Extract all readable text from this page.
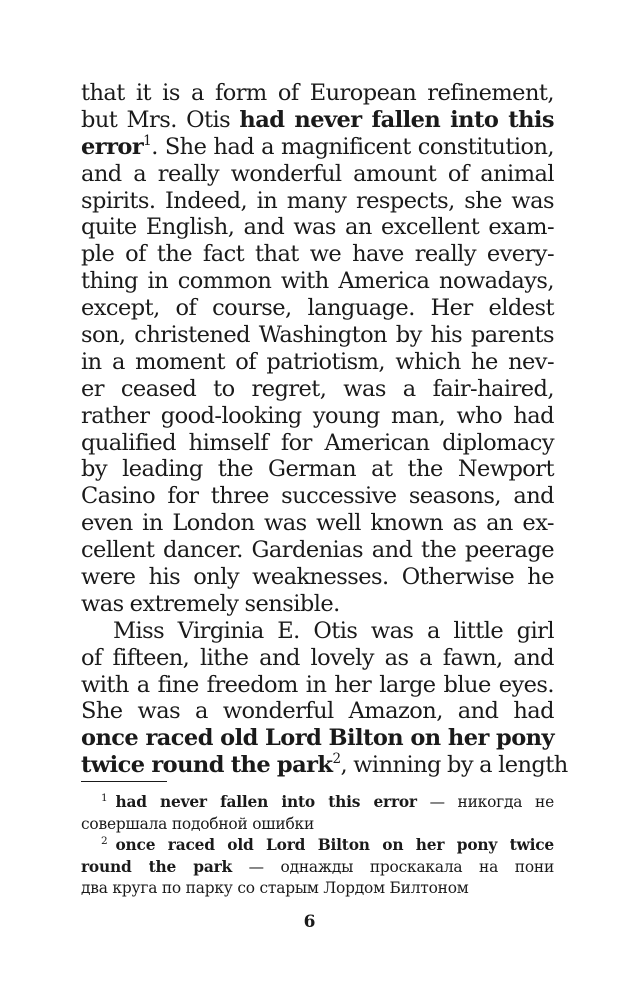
that it is a form of European refinement,
but Mrs. Otis had never fallen into this
error$^1$. She had a magnificent constitution,
and a really wonderful amount of animal
spirits. Indeed, in many respects, she was
quite English, and was an excellent exam-
ple of the fact that we have really every-
thing in common with America nowadays,
except, of course, language. Her eldest
son, christened Washington by his parents
in a moment of patriotism, which he nev-
er ceased to regret, was a fair-haired,
rather good-looking young man, who had
qualified himself for American diplomacy
by leading the German at the Newport
Casino for three successive seasons, and
even in London was well known as an ex-
cellent dancer. Gardenias and the peerage
were his only weaknesses. Otherwise he
was extremely sensible.
Miss Virginia E. Otis was a little girl
of fifteen, lithe and lovely as a fawn, and
with a fine freedom in her large blue eyes.
She was a wonderful Amazon, and had
once raced old Lord Bilton on her pony
twice round the park$^2$, winning by a length
$^1$ had never fallen into this error — никогда не
совершала подобной ошибки
$^2$ once raced old Lord Bilton on her pony twice
round the park — однажды проскакала на пони
два круга по парку со старым Лордом Билтоном
6
